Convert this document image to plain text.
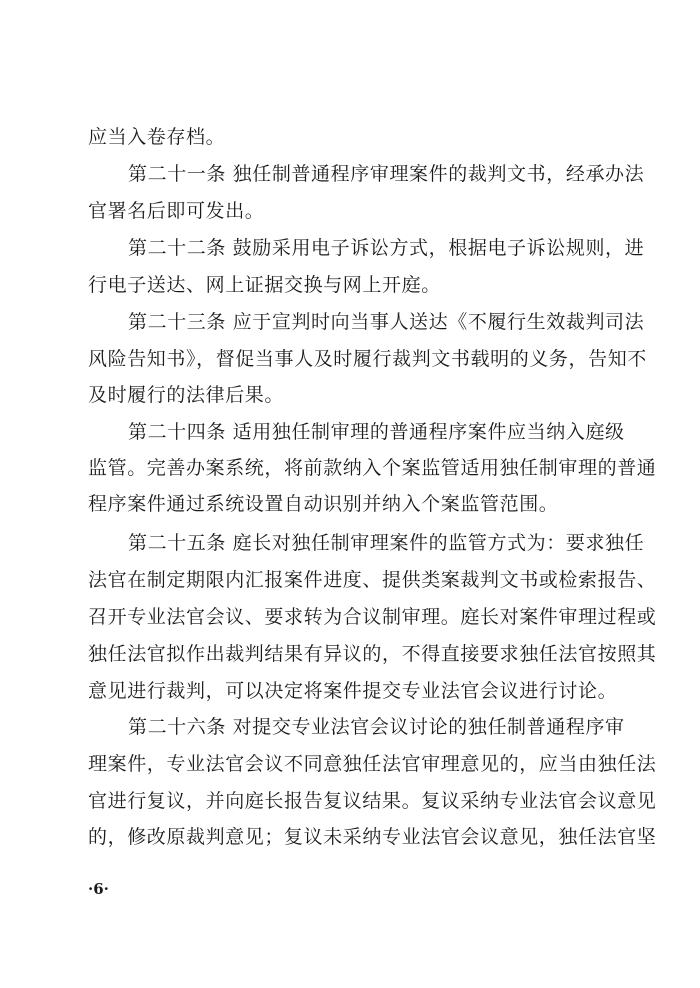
应当入卷存档。
第二十一条 独任制普通程序审理案件的裁判文书，经承办法
官署名后即可发出。
第二十二条 鼓励采用电子诉讼方式，根据电子诉讼规则，进
行电子送达、网上证据交换与网上开庭。
第二十三条 应于宣判时向当事人送达《不履行生效裁判司法
风险告知书》，督促当事人及时履行裁判文书载明的义务，告知不
及时履行的法律后果。
第二十四条 适用独任制审理的普通程序案件应当纳入庭级
监管。完善办案系统，将前款纳入个案监管适用独任制审理的普通
程序案件通过系统设置自动识别并纳入个案监管范围。
第二十五条 庭长对独任制审理案件的监管方式为：要求独任
法官在制定期限内汇报案件进度、提供类案裁判文书或检索报告、
召开专业法官会议、要求转为合议制审理。庭长对案件审理过程或
独任法官拟作出裁判结果有异议的，不得直接要求独任法官按照其
意见进行裁判，可以决定将案件提交专业法官会议进行讨论。
第二十六条 对提交专业法官会议讨论的独任制普通程序审
理案件，专业法官会议不同意独任法官审理意见的，应当由独任法
官进行复议，并向庭长报告复议结果。复议采纳专业法官会议意见
的，修改原裁判意见；复议未采纳专业法官会议意见，独任法官坚
·6·
